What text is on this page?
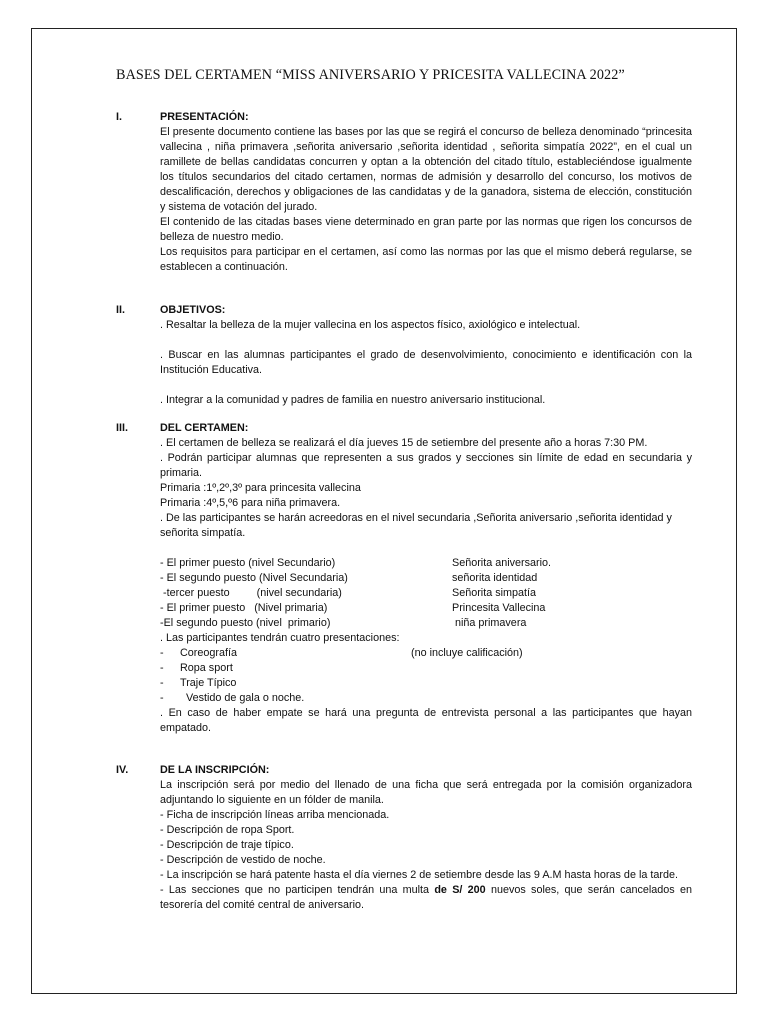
BASES DEL CERTAMEN “MISS ANIVERSARIO Y PRICESITA VALLECINA 2022”
I.	PRESENTACIÓN:

El presente documento contiene las bases por las que se regirá el concurso de belleza denominado “princesita vallecina , niña primavera ,señorita aniversario ,señorita identidad , señorita simpatía 2022”, en el cual un ramillete de bellas candidatas concurren y optan a la obtención del citado título, estableciéndose igualmente los títulos secundarios del citado certamen, normas de admisión y desarrollo del concurso, los motivos de descalificación, derechos y obligaciones de las candidatas y de la ganadora, sistema de elección, constitución y sistema de votación del jurado.

El contenido de las citadas bases viene determinado en gran parte por las normas que rigen los concursos de belleza de nuestro medio.

Los requisitos para participar en el certamen, así como las normas por las que el mismo deberá regularse, se establecen a continuación.

II.	OBJETIVOS:

. Resaltar la belleza de la mujer vallecina en los aspectos físico, axiológico e intelectual.

. Buscar en las alumnas participantes el grado de desenvolvimiento, conocimiento e identificación con la Institución Educativa.

. Integrar a la comunidad y padres de familia en nuestro aniversario institucional.

III.	DEL CERTAMEN:

. El certamen de belleza se realizará el día jueves 15 de setiembre del presente año a horas 7:30 PM.

. Podrán participar alumnas que representen a sus grados y secciones sin límite de edad en secundaria y primaria.

Primaria :1º,2º,3º para princesita vallecina

Primaria :4º,5,º6 para niña primavera.

. De las participantes se harán acreedoras en el nivel secundaria ,Señorita aniversario ,señorita identidad y señorita simpatía.

- El primer puesto (nivel Secundario)	Señorita aniversario.
- El segundo puesto (Nivel Secundaria)	señorita identidad
-tercer puesto         (nivel secundaria)	Señorita simpatía
- El primer puesto   (Nivel primaria)	Princesita Vallecina
-El segundo puesto (nivel  primario)	niña primavera

. Las participantes tendrán cuatro presentaciones:

-	Coreografía	(no incluye calificación)
-	Ropa sport
-	Traje Típico
-	Vestido de gala o noche.

. En caso de haber empate se hará una pregunta de entrevista personal a las participantes que hayan empatado.

IV.	DE LA INSCRIPCIÓN:

La inscripción será por medio del llenado de una ficha que será entregada por la comisión organizadora adjuntando lo siguiente en un fólder de manila.

- Ficha de inscripción líneas arriba mencionada.

- Descripción de ropa Sport.

- Descripción de traje típico.

- Descripción de vestido de noche.

- La inscripción se hará patente hasta el día viernes 2 de setiembre desde las 9 A.M hasta horas de la tarde.

- Las secciones que no participen tendrán una multa de S/ 200 nuevos soles, que serán cancelados en tesorería del comité central de aniversario.
